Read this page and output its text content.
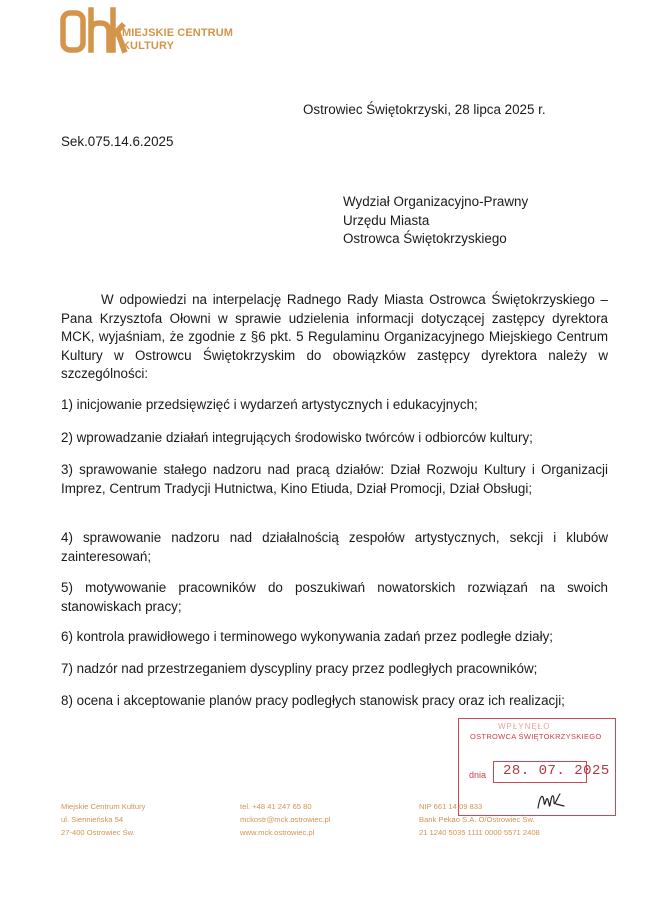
MIEJSKIE CENTRUM
KULTURY
Ostrowiec Świętokrzyski, 28 lipca 2025 r.
Sek.075.14.6.2025
Wydział Organizacyjno-Prawny
Urzędu Miasta
Ostrowca Świętokrzyskiego
W odpowiedzi na interpelację Radnego Rady Miasta Ostrowca Świętokrzyskiego – Pana Krzysztofa Ołowni w sprawie udzielenia informacji dotyczącej zastępcy dyrektora MCK, wyjaśniam, że zgodnie z §6 pkt. 5 Regulaminu Organizacyjnego Miejskiego Centrum Kultury w Ostrowcu Świętokrzyskim do obowiązków zastępcy dyrektora należy w szczególności:
1) inicjowanie przedsięwzięć i wydarzeń artystycznych i edukacyjnych;
2) wprowadzanie działań integrujących środowisko twórców i odbiorców kultury;
3) sprawowanie stałego nadzoru nad pracą działów: Dział Rozwoju Kultury i Organizacji Imprez, Centrum Tradycji Hutnictwa, Kino Etiuda, Dział Promocji, Dział Obsługi;
4) sprawowanie nadzoru nad działalnością zespołów artystycznych, sekcji i klubów zainteresowań;
5) motywowanie pracowników do poszukiwań nowatorskich rozwiązań na swoich stanowiskach pracy;
6) kontrola prawidłowego i terminowego wykonywania zadań przez podległe działy;
7) nadzór nad przestrzeganiem dyscypliny pracy przez podległych pracowników;
8) ocena i akceptowanie planów pracy podległych stanowisk pracy oraz ich realizacji;
WPŁYNĘŁO
OSTROWCA ŚWIĘTOKRZYSKIEGO
dnia 28. 07. 2025
Miejskie Centrum Kultury
ul. Siennieńska 54
27-400 Ostrowiec Św.
tel. +48 41 247 65 80
mckostr@mck.ostrowiec.pl
www.mck.ostrowiec.pl
NIP 661 14 09 833
Bank Pekao S.A. O/Ostrowiec Św.
21 1240 5035 1111 0000 5571 2408
